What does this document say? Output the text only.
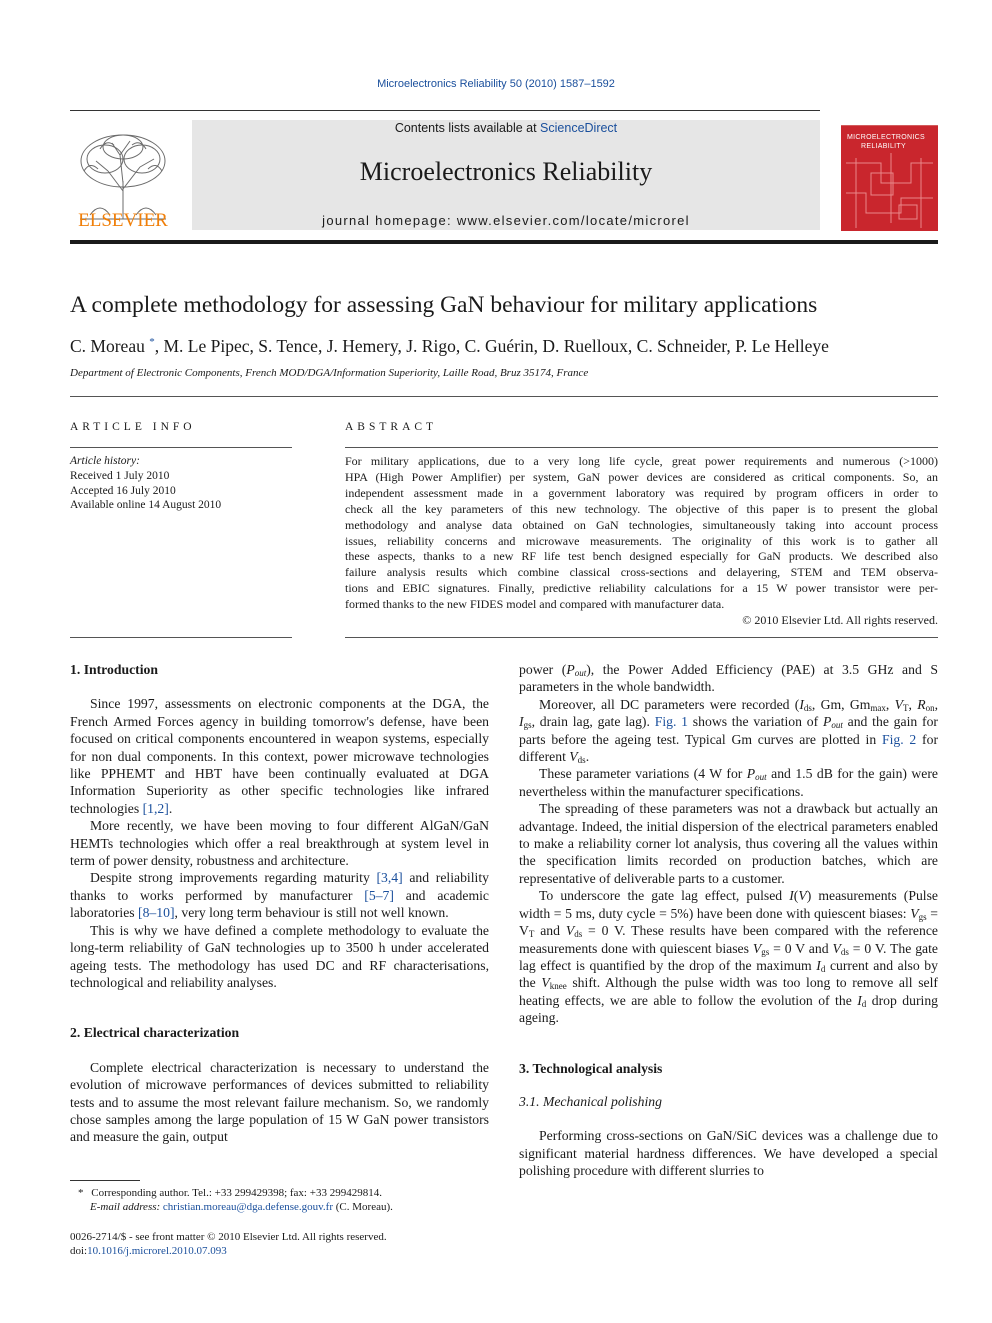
Microelectronics Reliability 50 (2010) 1587–1592
ELSEVIER
Contents lists available at ScienceDirect
Microelectronics Reliability
journal homepage: www.elsevier.com/locate/microrel
MICROELECTRONICS
RELIABILITY
A complete methodology for assessing GaN behaviour for military applications
C. Moreau *, M. Le Pipec, S. Tence, J. Hemery, J. Rigo, C. Guérin, D. Ruelloux, C. Schneider, P. Le Helleye
Department of Electronic Components, French MOD/DGA/Information Superiority, Laille Road, Bruz 35174, France
ARTICLE INFO
Article history:
Received 1 July 2010
Accepted 16 July 2010
Available online 14 August 2010
ABSTRACT
For military applications, due to a very long life cycle, great power requirements and numerous (>1000)
HPA (High Power Amplifier) per system, GaN power devices are considered as critical components. So, an
independent assessment made in a government laboratory was required by program officers in order to
check all the key parameters of this new technology. The objective of this paper is to present the global
methodology and analyse data obtained on GaN technologies, simultaneously taking into account process
issues, reliability concerns and microwave measurements. The originality of this work is to gather all
these aspects, thanks to a new RF life test bench designed especially for GaN products. We described also
failure analysis results which combine classical cross-sections and delayering, STEM and TEM observa-
tions and EBIC signatures. Finally, predictive reliability calculations for a 15 W power transistor were per-
formed thanks to the new FIDES model and compared with manufacturer data.
© 2010 Elsevier Ltd. All rights reserved.
1. Introduction

Since 1997, assessments on electronic components at the DGA, the French Armed Forces agency in building tomorrow's defense, have been focused on critical components encountered in weapon systems, especially for non dual components. In this context, power microwave technologies like PPHEMT and HBT have been continually evaluated at DGA Information Superiority as other specific technologies like infrared technologies [1,2].

More recently, we have been moving to four different AlGaN/GaN HEMTs technologies which offer a real breakthrough at system level in term of power density, robustness and architecture.

Despite strong improvements regarding maturity [3,4] and reliability thanks to works performed by manufacturer [5–7] and academic laboratories [8–10], very long term behaviour is still not well known.

This is why we have defined a complete methodology to evaluate the long-term reliability of GaN technologies up to 3500 h under accelerated ageing tests. The methodology has used DC and RF characterisations, technological and reliability analyses.

2. Electrical characterization

Complete electrical characterization is necessary to understand the evolution of microwave performances of devices submitted to reliability tests and to assume the most relevant failure mechanism. So, we randomly chose samples among the large population of 15 W GaN power transistors and measure the gain, output

* Corresponding author. Tel.: +33 299429398; fax: +33 299429814.
E-mail address: christian.moreau@dga.defense.gouv.fr (C. Moreau).
0026-2714/$ - see front matter © 2010 Elsevier Ltd. All rights reserved.
doi:10.1016/j.microrel.2010.07.093

power $(P_{out})$, the Power Added Efficiency (PAE) at 3.5 GHz and S parameters in the whole bandwidth.

Moreover, all DC parameters were recorded ($I_{ds}$, Gm, $Gm_{max}$, $V_T$, $R_{on}$, $I_{gs}$, drain lag, gate lag). Fig. 1 shows the variation of $P_{out}$ and the gain for parts before the ageing test. Typical Gm curves are plotted in Fig. 2 for different $V_{ds}$.

These parameter variations (4 W for $P_{out}$ and 1.5 dB for the gain) were nevertheless within the manufacturer specifications.

The spreading of these parameters was not a drawback but actually an advantage. Indeed, the initial dispersion of the electrical parameters enabled to make a reliability corner lot analysis, thus covering all the values within the specification limits recorded on production batches, which are representative of deliverable parts to a customer.

To underscore the gate lag effect, pulsed I(V) measurements (Pulse width = 5 ms, duty cycle = 5%) have been done with quiescent biases: $V_{gs} = V_T$ and $V_{ds} = 0$ V. These results have been compared with the reference measurements done with quiescent biases $V_{gs} = 0$ V and $V_{ds} = 0$ V. The gate lag effect is quantified by the drop of the maximum $I_d$ current and also by the $V_{knee}$ shift. Although the pulse width was too long to remove all self heating effects, we are able to follow the evolution of the $I_d$ drop during ageing.

3. Technological analysis
3.1. Mechanical polishing

Performing cross-sections on GaN/SiC devices was a challenge due to significant material hardness differences. We have developed a special polishing procedure with different slurries to
